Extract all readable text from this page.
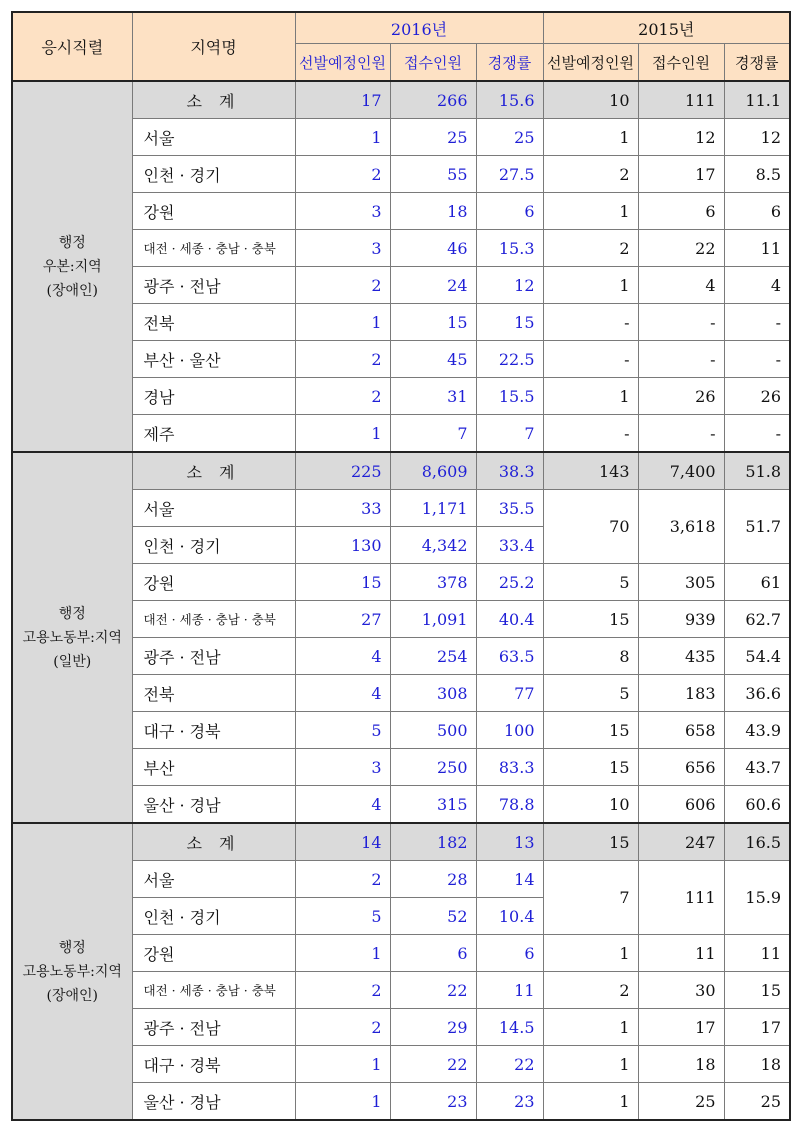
응시직렬	지역명	2016년			2015년		
		선발예정인원	접수인원	경쟁률	선발예정인원	접수인원	경쟁률

행정
우본:지역
(장애인)	소 계	17	266	15.6	10	111	11.1
	서울	1	25	25	1	12	12
	인천 · 경기	2	55	27.5	2	17	8.5
	강원	3	18	6	1	6	6
	대전 · 세종 · 충남 · 충북	3	46	15.3	2	22	11
	광주 · 전남	2	24	12	1	4	4
	전북	1	15	15	-	-	-
	부산 · 울산	2	45	22.5	-	-	-
	경남	2	31	15.5	1	26	26
	제주	1	7	7	-	-	-

행정
고용노동부:지역
(일반)	소 계	225	8,609	38.3	143	7,400	51.8
	서울	33	1,171	35.5	70	3,618	51.7
	인천 · 경기	130	4,342	33.4			
	강원	15	378	25.2	5	305	61
	대전 · 세종 · 충남 · 충북	27	1,091	40.4	15	939	62.7
	광주 · 전남	4	254	63.5	8	435	54.4
	전북	4	308	77	5	183	36.6
	대구 · 경북	5	500	100	15	658	43.9
	부산	3	250	83.3	15	656	43.7
	울산 · 경남	4	315	78.8	10	606	60.6

행정
고용노동부:지역
(장애인)	소 계	14	182	13	15	247	16.5
	서울	2	28	14	7	111	15.9
	인천 · 경기	5	52	10.4			
	강원	1	6	6	1	11	11
	대전 · 세종 · 충남 · 충북	2	22	11	2	30	15
	광주 · 전남	2	29	14.5	1	17	17
	대구 · 경북	1	22	22	1	18	18
	울산 · 경남	1	23	23	1	25	25
